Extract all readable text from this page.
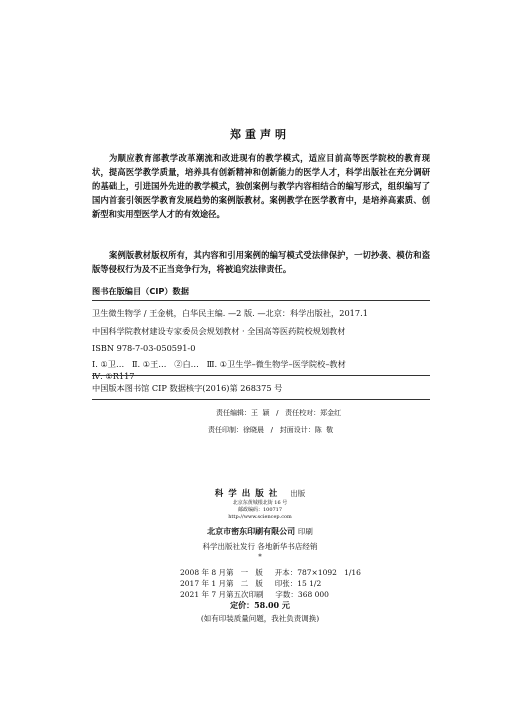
郑重声明

为顺应教育部教学改革潮流和改进现有的教学模式，适应目前高等医学院校的教育现状，提高医学教学质量，培养具有创新精神和创新能力的医学人才，科学出版社在充分调研的基础上，引进国外先进的教学模式，独创案例与教学内容相结合的编写形式，组织编写了国内首套引领医学教育发展趋势的案例版教材。案例教学在医学教育中，是培养高素质、创新型和实用型医学人才的有效途径。

案例版教材版权所有，其内容和引用案例的编写模式受法律保护，一切抄袭、模仿和盗版等侵权行为及不正当竞争行为，将被追究法律责任。

图书在版编目（CIP）数据

卫生微生物学 / 王金桃，白华民主编. —2 版. —北京：科学出版社，2017.1

中国科学院教材建设专家委员会规划教材 · 全国高等医药院校规划教材

ISBN 978-7-03-050591-0

Ⅰ. ①卫…   Ⅱ. ①王…   ②白…   Ⅲ. ①卫生学–微生物学–医学院校–教材
Ⅳ. ①R117

中国版本图书馆 CIP 数据核字(2016)第 268375 号

责任编辑：王  颖   /   责任校对：郑金红
责任印制：徐晓晨   /   封面设计：陈  敬
科学出版社 出版
北京东黄城根北街 16 号
邮政编码：100717
http://www.sciencep.com
北京市密东印刷有限公司 印刷
科学出版社发行 各地新华书店经销
*
2008 年 8 月第   一   版     开本：787×1092   1/16
2017 年 1 月第   二   版     印张：15 1/2
2021 年 7 月第五次印刷     字数：368 000
定价：58.00 元
(如有印装质量问题，我社负责调换)
